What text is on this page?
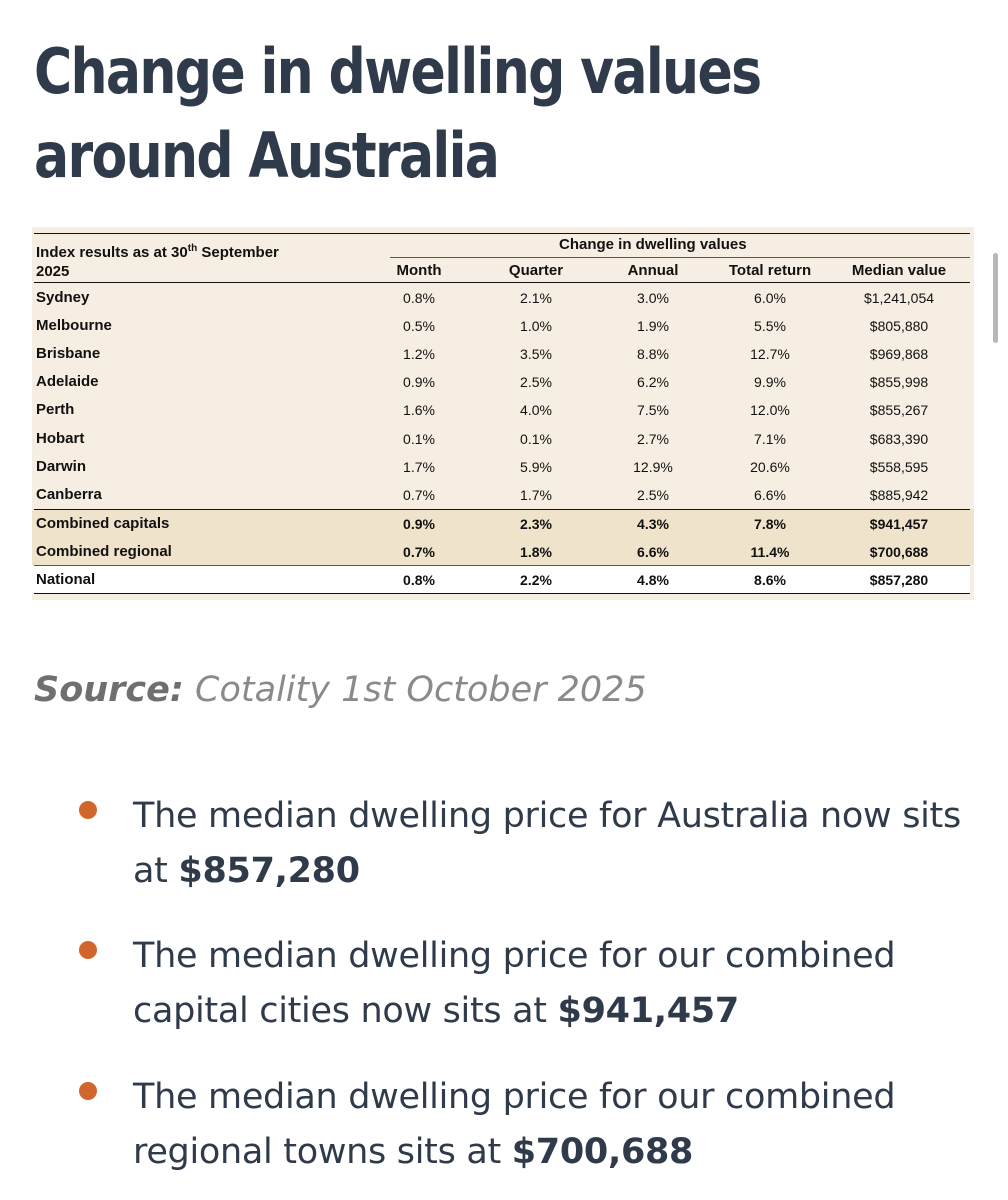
Change in dwelling values around Australia
Index results as at 30th September
2025
Change in dwelling values
Month	Quarter	Annual	Total return	Median value
Sydney	0.8%	2.1%	3.0%	6.0%	$1,241,054
Melbourne	0.5%	1.0%	1.9%	5.5%	$805,880
Brisbane	1.2%	3.5%	8.8%	12.7%	$969,868
Adelaide	0.9%	2.5%	6.2%	9.9%	$855,998
Perth	1.6%	4.0%	7.5%	12.0%	$855,267
Hobart	0.1%	0.1%	2.7%	7.1%	$683,390
Darwin	1.7%	5.9%	12.9%	20.6%	$558,595
Canberra	0.7%	1.7%	2.5%	6.6%	$885,942
Combined capitals	0.9%	2.3%	4.3%	7.8%	$941,457
Combined regional	0.7%	1.8%	6.6%	11.4%	$700,688
National	0.8%	2.2%	4.8%	8.6%	$857,280
Source: Cotality 1st October 2025
The median dwelling price for Australia now sits at $857,280
The median dwelling price for our combined capital cities now sits at $941,457
The median dwelling price for our combined regional towns sits at $700,688
